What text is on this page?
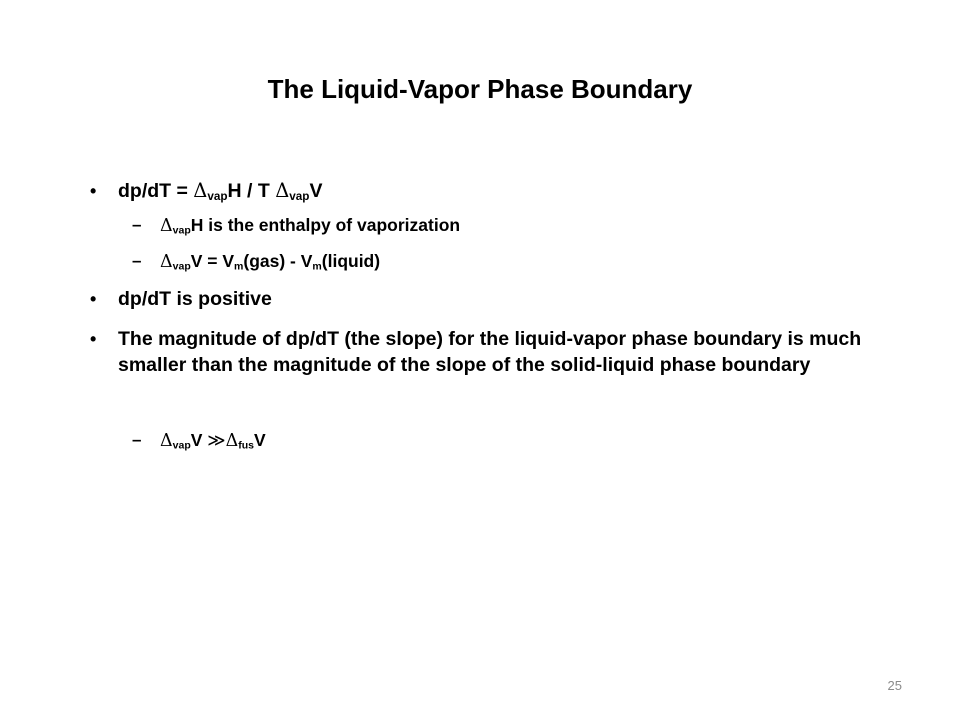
The Liquid-Vapor Phase Boundary
• $dp/dT = \Delta_{vap}H / T$ $\Delta_{vap}V$
– $\Delta_{vap}H$ is the enthalpy of vaporization
– $\Delta_{vap}V = V_m(gas)$ - $V_m(liquid)$
• dp/dT is positive
• The magnitude of dp/dT (the slope) for the liquid-vapor phase boundary is much smaller than the magnitude of the slope of the solid-liquid phase boundary
– $\Delta_{vap}V$ $≫\Delta_{fus}V$
25
